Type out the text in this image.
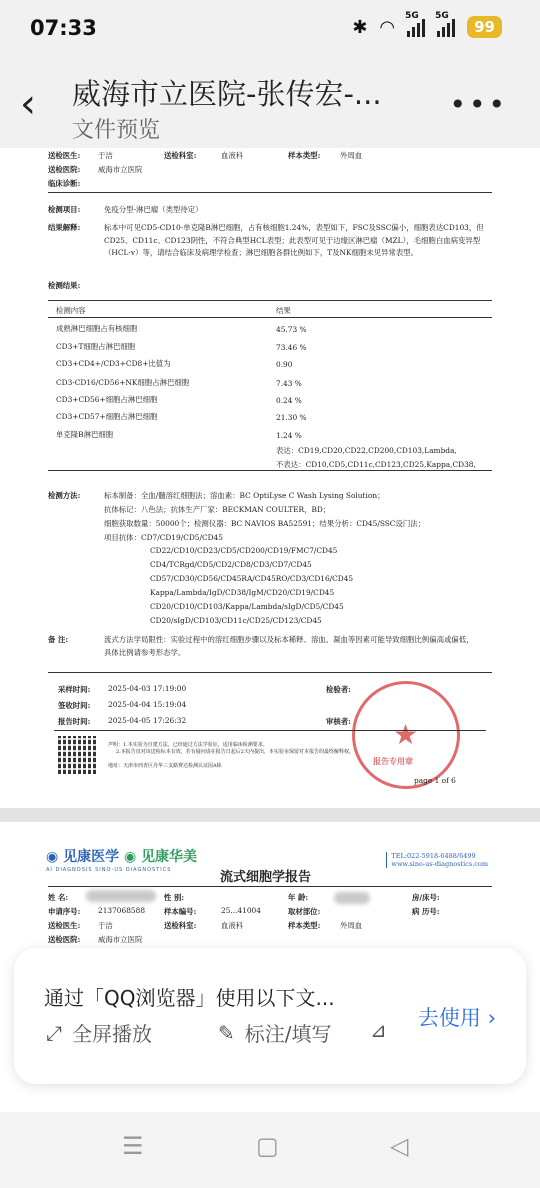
07:33	✱ ◠
5G 5G
99
‹	威海市立医院-张传宏-...
文件预览
•••
送检医生: 于洁	送检科室:	血液科	样本类型:	外周血
送检医院: 威海市立医院
临床诊断:
检测项目:	免疫分型-淋巴瘤（类型待定）
结果解释:	标本中可见CD5-CD10-单克隆B淋巴细胞，占有核细胞1.24%，表型如下，FSC及SSC偏小，细胞表达CD103，但CD25、CD11c、CD123阴性，不符合典型HCL表型；此表型可见于边缘区淋巴瘤（MZL），毛细胞白血病变异型（HCL-v）等，请结合临床及病理学检查；淋巴细胞各群比例如下，T及NK细胞未见异常表型。
检测结果:
检测内容	结果
成熟淋巴细胞占有核细胞	45.73 %
CD3+T细胞占淋巴细胞	73.46 %
CD3+CD4+/CD3+CD8+比值为	0.90
CD3-CD16/CD56+NK细胞占淋巴细胞	7.43 %
CD3+CD56+细胞占淋巴细胞	0.24 %
CD3+CD57+细胞占淋巴细胞	21.30 %
单克隆B淋巴细胞	1.24 %
表达：CD19,CD20,CD22,CD200,CD103,Lambda,
不表达：CD10,CD5,CD11c,CD123,CD25,Kappa,CD38,
检测方法:	标本制备：全血/髓溶红细胞法；溶血素：BC OptiLyse C Wash Lysing Solution；
抗体标记：八色法；抗体生产厂家：BECKMAN COULTER，BD；
细胞获取数量：50000个；检测仪器：BC NAVIOS BA52591；结果分析：CD45/SSC设门法；
项目抗体：CD7/CD19/CD5/CD45
CD22/CD10/CD23/CD5/CD200/CD19/FMC7/CD45
CD4/TCRgd/CD5/CD2/CD8/CD3/CD7/CD45
CD57/CD30/CD56/CD45RA/CD45RO/CD3/CD16/CD45
Kappa/Lambda/IgD/CD38/IgM/CD20/CD19/CD45
CD20/CD10/CD103/Kappa/Lambda/sIgD/CD5/CD45
CD20/sIgD/CD103/CD11c/CD25/CD123/CD45
备 注:	流式方法学局限性：实验过程中的溶红细胞步骤以及标本稀释、溶血、凝血等因素可能导致细胞比例偏高或偏低，具体比例请参考形态学。
采样时间: 2025-04-03 17:19:00	检验者:
签收时间: 2025-04-04 15:19:04
报告时间: 2025-04-05 17:26:32	审核者: ★
报告专用章
声明：1.本实验为自建方法，已经通过方法学验证，适用临床检测要求。
2.本报告仅对该送检标本有效，若有疑问请在报告日起后2天内提出，本实验室保留对本报告的最终解释权。
地址：天津市西青区丹华三支路赛达检测认证园A栋
page 1 of 6
◉ 见康医学 ◉ 见康华美
AI DIAGNOSIS SINO-US DIAGNOSTICS
TEL:022-5918-6488/6499
www.sino-us-diagnostics.com
流式细胞学报告
姓 名:	性 别:	年 龄:	房/床号:
申请序号: 2137068588	样本编号:	25...41004	取材部位:	病 历号:
送检医生: 于洁	送检科室:	血液科	样本类型:	外周血
送检医院: 威海市立医院
通过「QQ浏览器」使用以下文...
⤢ 全屏播放	✎ 标注/填写 ⊿ 去使用 ›
☰	▢	◁
